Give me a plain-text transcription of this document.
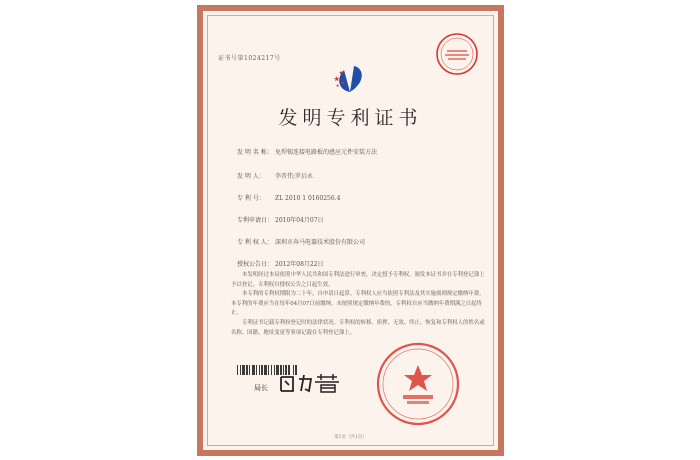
证书号第1024217号
发明专利证书
发 明 名 称： 免焊锡连接电路板的感应元件安装方法
发 明 人： 李晋伟;罗启永
专 利 号： ZL 2010 1 0160256.4
专利申请日： 2010年04月07日
专 利 权 人： 深圳市奔马电器技术股份有限公司
授权公告日： 2012年08月22日
本发明经过本局依照中华人民共和国专利法进行审查，决定授予专利权，颁发本证书并在专利登记簿上予以登记。专利权自授权公告之日起生效。
本专利的专利权期限为二十年，自申请日起算。专利权人应当依照专利法及其实施细则规定缴纳年费。本专利的年费应当在每年04月07日前缴纳。未按照规定缴纳年费的，专利权自应当缴纳年费期满之日起终止。
专利证书记载专利权登记时的法律状况。专利权的转移、质押、无效、终止、恢复和专利权人的姓名或名称、国籍、地址变更等事项记载在专利登记簿上。
局长
第1页（共1页）
